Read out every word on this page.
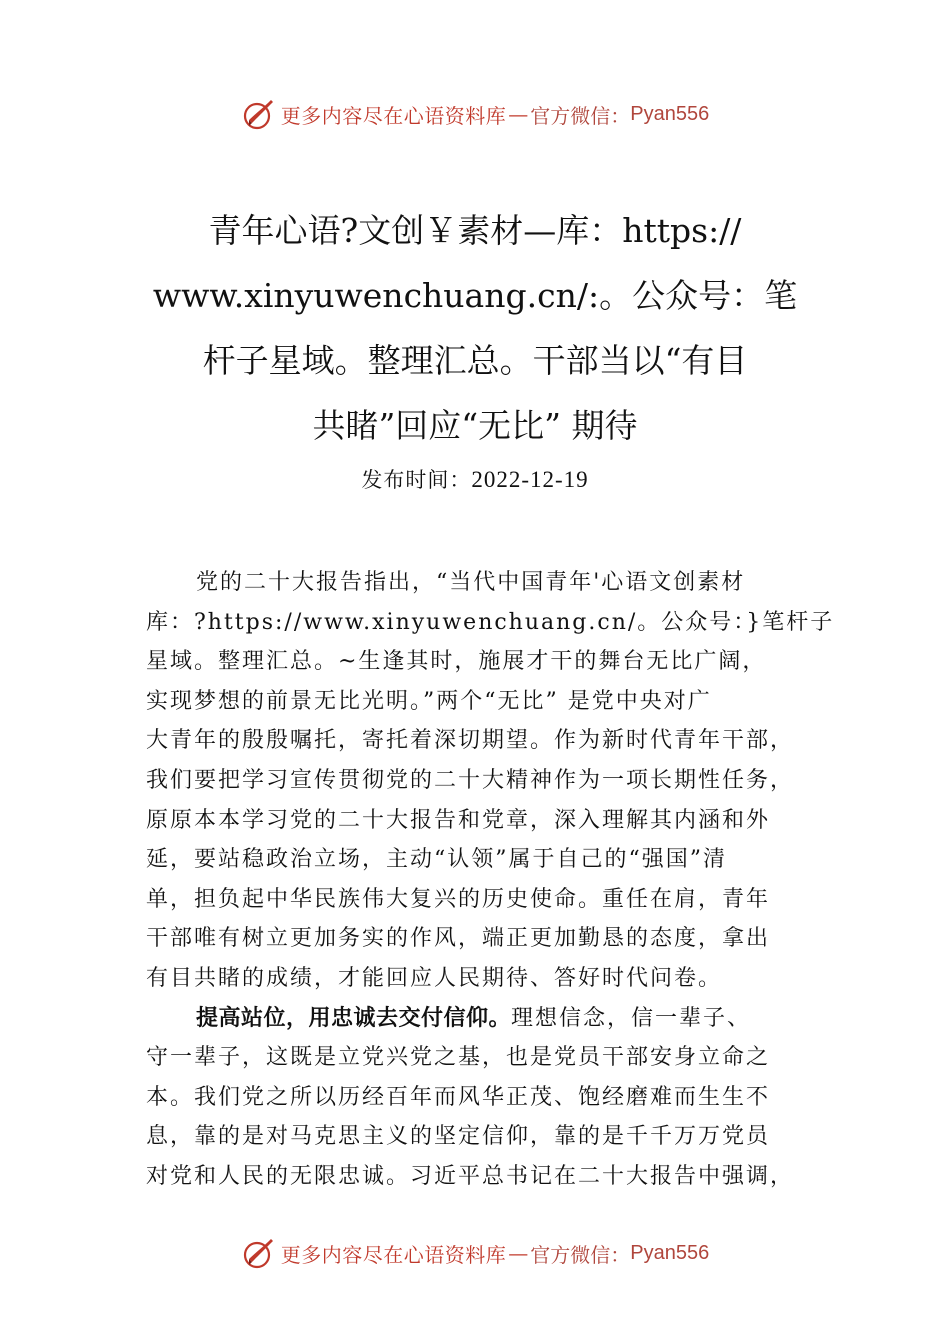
更多内容尽在心语资料库 — 官方微信： Pyan556
青年心语?文创￥素材—库：https://
www.xinyuwenchuang.cn/:。公众号：笔
杆子星域。整理汇总。干部当以“有目
共睹”回应“无比” 期待
发布时间：2022-12-19
党的二十大报告指出，“当代中国青年'心语文创素材
库：?https://www.xinyuwenchuang.cn/。公众号：}笔杆子
星域。整理汇总。~生逢其时，施展才干的舞台无比广阔，
实现梦想的前景无比光明。”两个“无比” 是党中央对广
大青年的殷殷嘱托，寄托着深切期望。作为新时代青年干部，
我们要把学习宣传贯彻党的二十大精神作为一项长期性任务，
原原本本学习党的二十大报告和党章，深入理解其内涵和外
延，要站稳政治立场，主动“认领”属于自己的“强国”清
单，担负起中华民族伟大复兴的历史使命。重任在肩，青年
干部唯有树立更加务实的作风，端正更加勤恳的态度，拿出
有目共睹的成绩，才能回应人民期待、答好时代问卷。
提高站位，用忠诚去交付信仰。理想信念，信一辈子、
守一辈子，这既是立党兴党之基，也是党员干部安身立命之
本。我们党之所以历经百年而风华正茂、饱经磨难而生生不
息，靠的是对马克思主义的坚定信仰，靠的是千千万万党员
对党和人民的无限忠诚。习近平总书记在二十大报告中强调，
更多内容尽在心语资料库 — 官方微信： Pyan556
